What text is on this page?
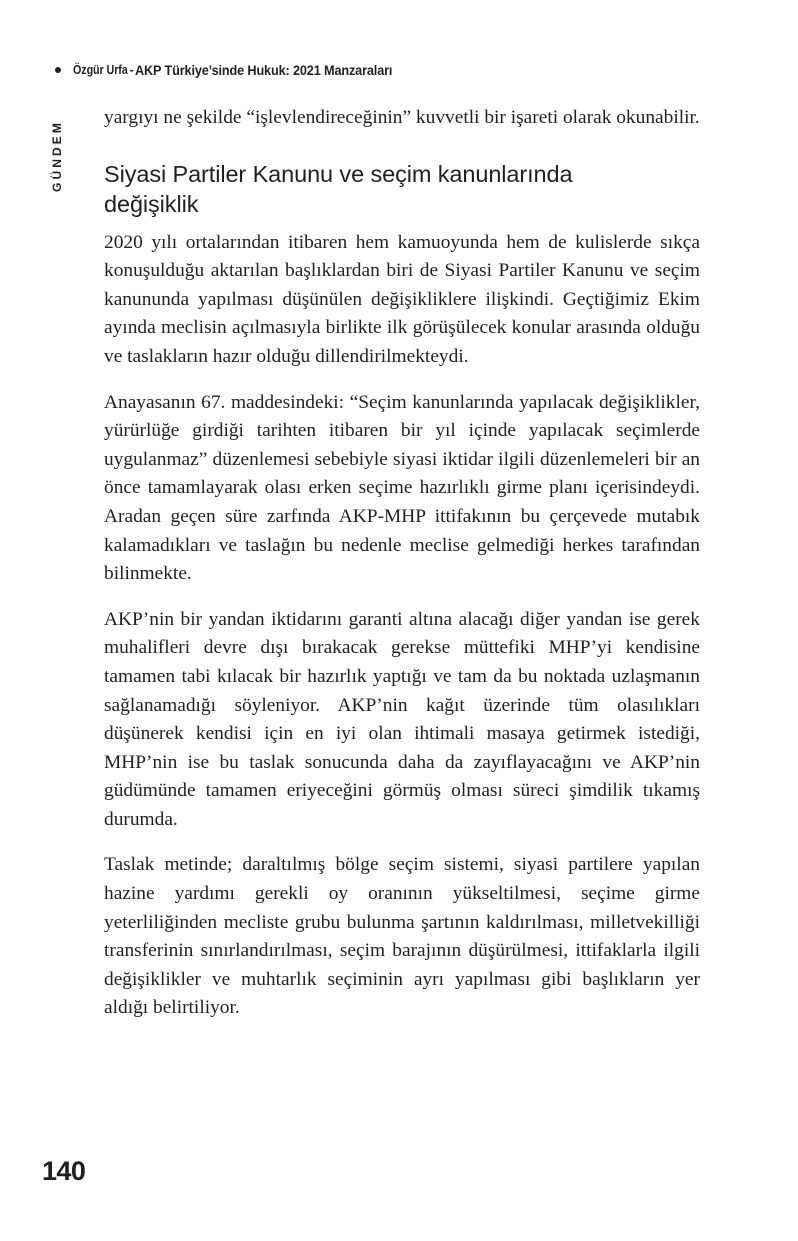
Özgür Urfa - AKP Türkiye’sinde Hukuk: 2021 Manzaraları
GÜNDEM

yargıyı ne şekilde “işlevlendireceğinin” kuvvetli bir işareti olarak okunabilir.

Siyasi Partiler Kanunu ve seçim kanunlarında değişiklik

2020 yılı ortalarından itibaren hem kamuoyunda hem de kulislerde sıkça konuşulduğu aktarılan başlıklardan biri de Siyasi Partiler Kanunu ve seçim kanununda yapılması düşünülen değişikliklere ilişkindi. Geçtiğimiz Ekim ayında meclisin açılmasıyla birlikte ilk görüşülecek konular arasında olduğu ve taslakların hazır olduğu dillendirilmekteydi.

Anayasanın 67. maddesindeki: “Seçim kanunlarında yapılacak değişiklikler, yürürlüğe girdiği tarihten itibaren bir yıl içinde yapılacak seçimlerde uygulanmaz” düzenlemesi sebebiyle siyasi iktidar ilgili düzenlemeleri bir an önce tamamlayarak olası erken seçime hazırlıklı girme planı içerisindeydi. Aradan geçen süre zarfında AKP-MHP ittifakının bu çerçevede mutabık kalamadıkları ve taslağın bu nedenle meclise gelmediği herkes tarafından bilinmekte.

AKP’nin bir yandan iktidarını garanti altına alacağı diğer yandan ise gerek muhalifleri devre dışı bırakacak gerekse müttefiki MHP’yi kendisine tamamen tabi kılacak bir hazırlık yaptığı ve tam da bu noktada uzlaşmanın sağlanamadığı söyleniyor. AKP’nin kağıt üzerinde tüm olasılıkları düşünerek kendisi için en iyi olan ihtimali masaya getirmek istediği, MHP’nin ise bu taslak sonucunda daha da zayıflayacağını ve AKP’nin güdümünde tamamen eriyeceğini görmüş olması süreci şimdilik tıkamış durumda.

Taslak metinde; daraltılmış bölge seçim sistemi, siyasi partilere yapılan hazine yardımı gerekli oy oranının yükseltilmesi, seçime girme yeterliliğinden mecliste grubu bulunma şartının kaldırılması, milletvekilliği transferinin sınırlandırılması, seçim barajının düşürülmesi, ittifaklarla ilgili değişiklikler ve muhtarlık seçiminin ayrı yapılması gibi başlıkların yer aldığı belirtiliyor.

140
